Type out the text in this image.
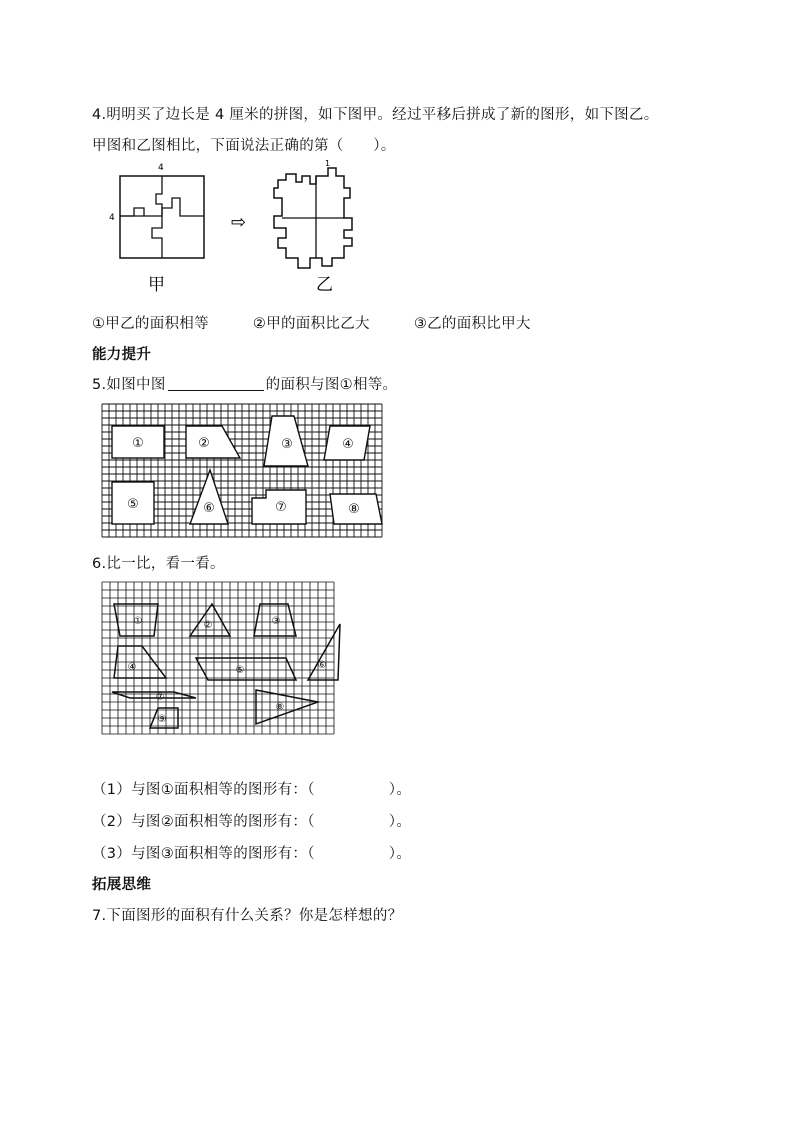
4.明明买了边长是 4 厘米的拼图，如下图甲。经过平移后拼成了新的图形，如下图乙。
甲图和乙图相比，下面说法正确的第（　　）。
4
4
甲
⇨
1
乙
①甲乙的面积相等	②甲的面积比乙大	③乙的面积比甲大
能力提升
5.如图中图	的面积与图①相等。
①	②	③	④
⑤	⑥	⑦	⑧
6.比一比，看一看。
①	②	③
④	⑤	⑥
⑦
⑧
⑨
（1）与图①面积相等的图形有：（　　　　　）。
（2）与图②面积相等的图形有：（　　　　　）。
（3）与图③面积相等的图形有：（　　　　　）。
拓展思维
7.下面图形的面积有什么关系？你是怎样想的？
